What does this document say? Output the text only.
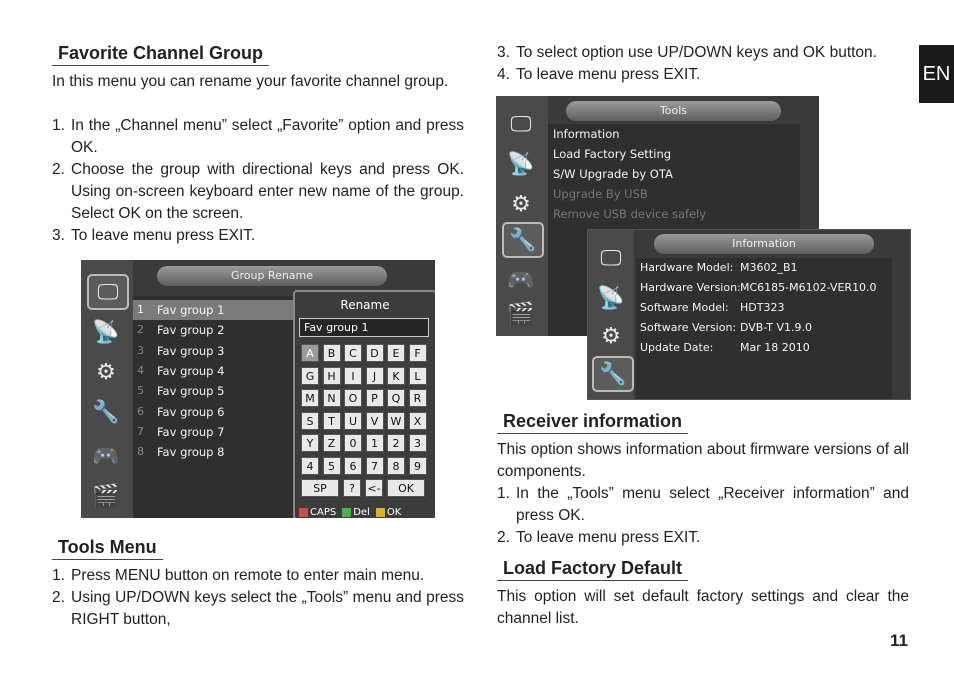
EN
Favorite Channel Group
In this menu you can rename your favorite channel group.
1. In the „Channel menu” select „Favorite” option and press OK.
2. Choose the group with directional keys and press OK. Using on-screen keyboard enter new name of the group. Select OK on the screen.
3. To leave menu press EXIT.
🖵
📡
⚙
🔧
🎮
🎬
Group Rename
1 Fav group 1
2 Fav group 2
3 Fav group 3
4 Fav group 4
5 Fav group 5
6 Fav group 6
7 Fav group 7
8 Fav group 8
Rename
Fav group 1
CAPS	Del	OK
A	B	C	D	E	F
G	H	I	J	K	L
M	N	O	P	Q	R
S	T	U	V	W	X
Y	Z	0	1	2	3
4	5	6	7	8	9
SP	?	<-	OK
Tools Menu
1. Press MENU button on remote to enter main menu.
2. Using UP/DOWN keys select the „Tools” menu and press RIGHT button,
3. To select option use UP/DOWN keys and OK button.
4. To leave menu press EXIT.
🖵
📡
⚙
🔧
🎮
🎬
Tools
Information
Load Factory Setting
S/W Upgrade by OTA
Upgrade By USB
Remove USB device safely
🖵
📡
⚙
🔧
Information
Hardware Model: M3602_B1
Hardware Version: MC6185-M6102-VER10.0
Software Model: HDT323
Software Version: DVB-T V1.9.0
Update Date: Mar 18 2010
Receiver information
This option shows information about firmware versions of all components.
1. In the „Tools” menu select „Receiver information” and press OK.
2. To leave menu press EXIT.
Load Factory Default
This option will set default factory settings and clear the channel list.
11
